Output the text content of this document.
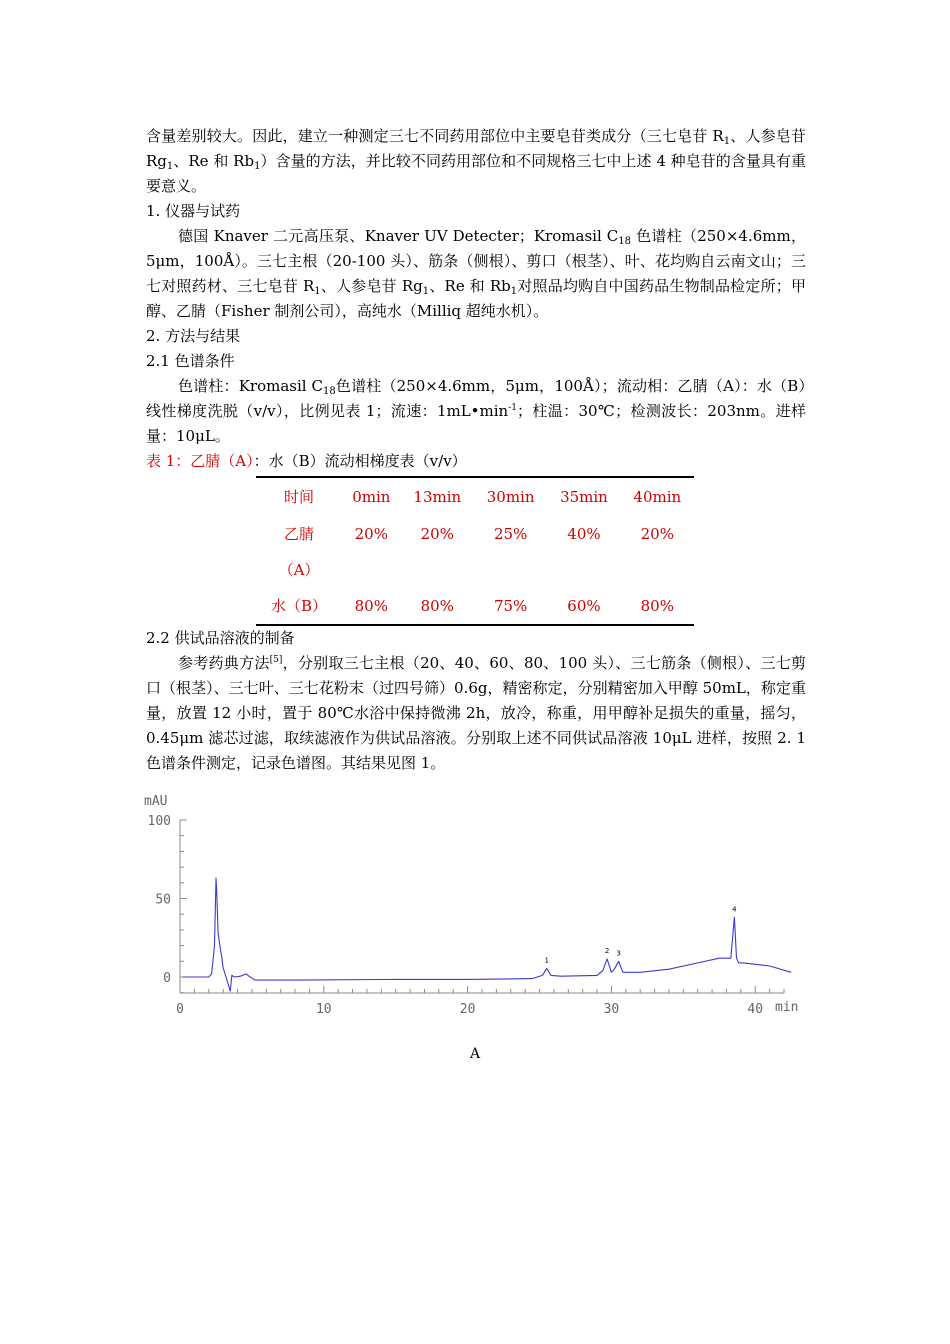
含量差别较大。因此，建立一种测定三七不同药用部位中主要皂苷类成分（三七皂苷 $R_1$、人参皂苷 $Rg_1$、Re 和 $Rb_1$）含量的方法，并比较不同药用部位和不同规格三七中上述 4 种皂苷的含量具有重要意义。

1. 仪器与试药

德国 Knaver 二元高压泵、Knaver UV Detecter；Kromasil $C_{18}$ 色谱柱（250×4.6mm，5μm，100Å）。三七主根（20-100 头）、筋条（侧根）、剪口（根茎）、叶、花均购自云南文山；三七对照药材、三七皂苷 $R_1$、人参皂苷 $Rg_1$、Re 和 $Rb_1$对照品均购自中国药品生物制品检定所；甲醇、乙腈（Fisher 制剂公司），高纯水（Milliq 超纯水机）。

2. 方法与结果

2.1 色谱条件

色谱柱：Kromasil $C_{18}$色谱柱（250×4.6mm，5μm，100Å）；流动相：乙腈（A）：水（B）线性梯度洗脱（v/v），比例见表 1；流速：$1mL•\min^{-1}$；柱温：30℃；检测波长：203nm。进样量：10μL。

表 1：乙腈（A）：水（B）流动相梯度表（v/v）

时间	0min	13min	30min	35min	40min
乙腈	20%	20%	25%	40%	20%
（A）					
水（B）	80%	80%	75%	60%	80%

2.2 供试品溶液的制备

参考药典方法[5]，分别取三七主根（20、40、60、80、100 头）、三七筋条（侧根）、三七剪口（根茎）、三七叶、三七花粉末（过四号筛）0.6g，精密称定，分别精密加入甲醇 50mL，称定重量，放置 12 小时，置于 80℃水浴中保持微沸 2h，放冷，称重，用甲醇补足损失的重量，摇匀，0.45μm 滤芯过滤，取续滤液作为供试品溶液。分别取上述不同供试品溶液 10μL 进样，按照 2. 1 色谱条件测定，记录色谱图。其结果见图 1。

0
50
100
0	10	20	30	40
mAU
min
1
2 3
4
A
